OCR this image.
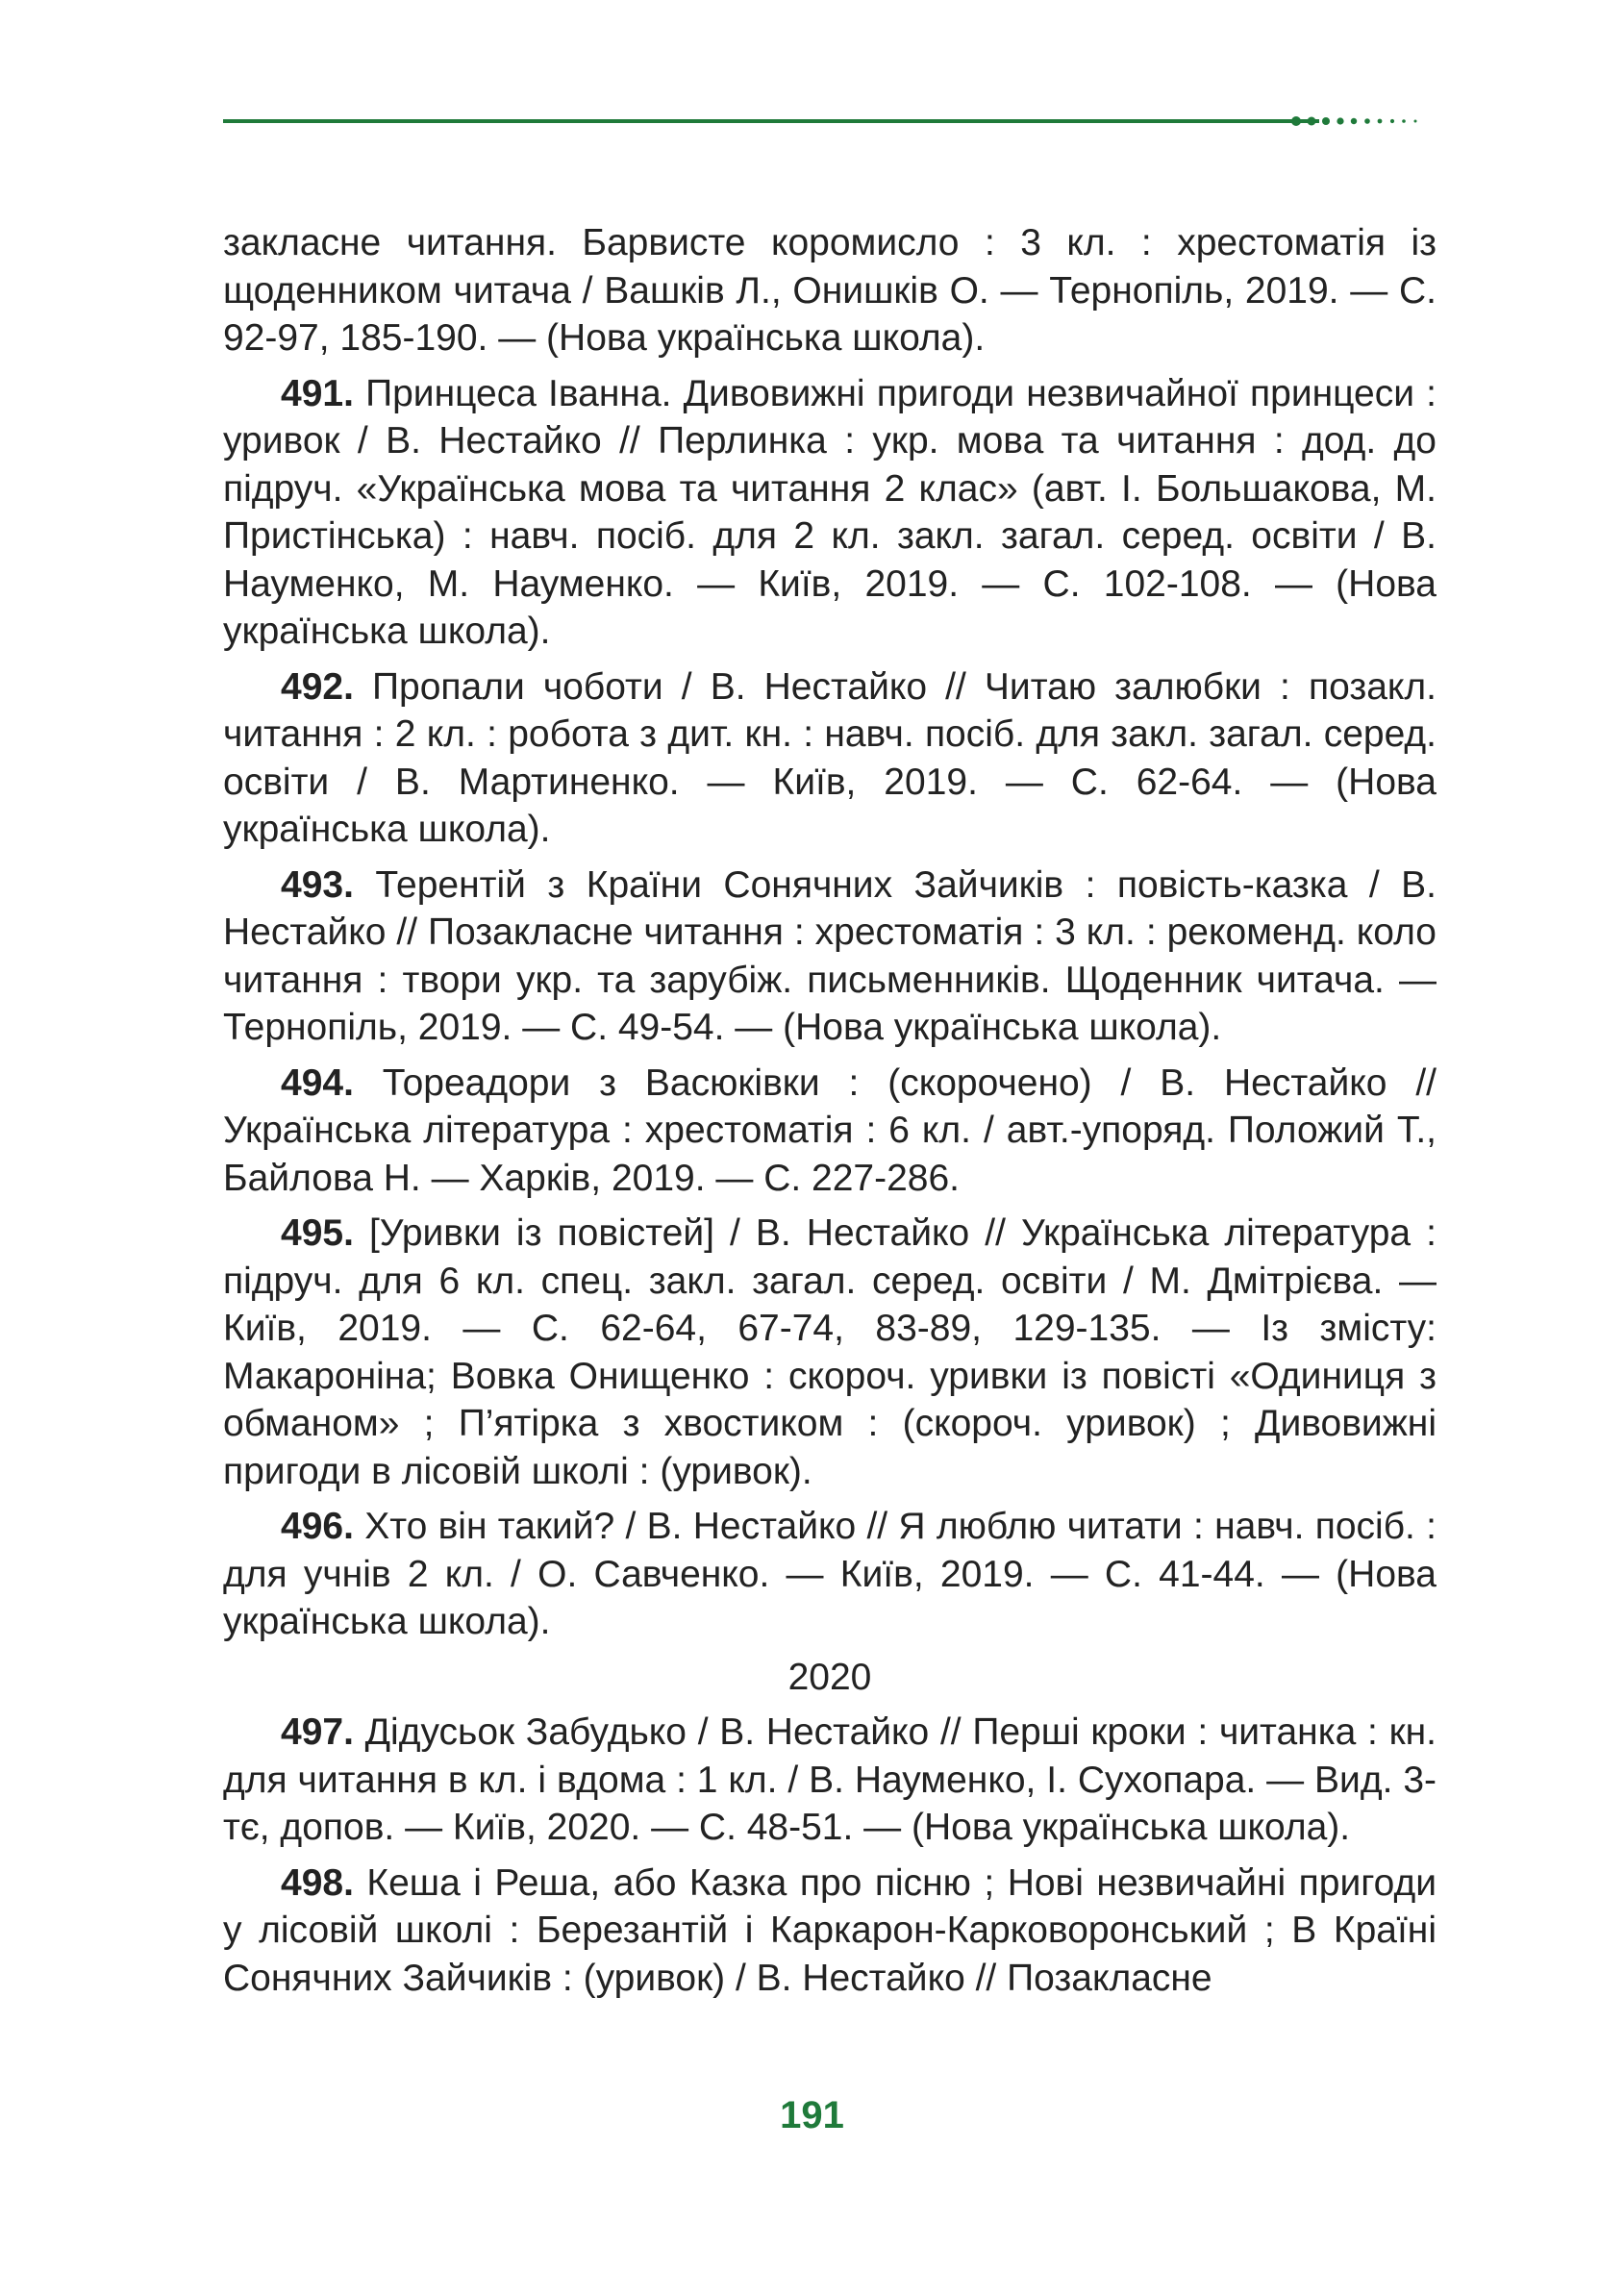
закласне читання. Барвисте коромисло : 3 кл. : хрестоматія із щоденником читача / Вашків Л., Онишків О. — Тернопіль, 2019. — С. 92-97, 185-190. — (Нова українська школа).

491. Принцеса Іванна. Дивовижні пригоди незвичайної принцеси : уривок / В. Нестайко // Перлинка : укр. мова та читання : дод. до підруч. «Українська мова та читання 2 клас» (авт. І. Большакова, М. Пристінська) : навч. посіб. для 2 кл. закл. загал. серед. освіти / В. Науменко, М. Науменко. — Київ, 2019. — С. 102-108. — (Нова українська школа).

492. Пропали чоботи / В. Нестайко // Читаю залюбки : позакл. читання : 2 кл. : робота з дит. кн. : навч. посіб. для закл. загал. серед. освіти / В. Мартиненко. — Київ, 2019. — С. 62-64. — (Нова українська школа).

493. Терентій з Країни Сонячних Зайчиків : повість-казка / В. Нестайко // Позакласне читання : хрестоматія : 3 кл. : рекоменд. коло читання : твори укр. та зарубіж. письменників. Щоденник читача. — Тернопіль, 2019. — С. 49-54. — (Нова українська школа).

494. Тореадори з Васюківки : (скорочено) / В. Нестайко // Українська література : хрестоматія : 6 кл. / авт.-упоряд. Положий Т., Байлова Н. — Харків, 2019. — С. 227-286.

495. [Уривки із повістей] / В. Нестайко // Українська література : підруч. для 6 кл. спец. закл. загал. серед. освіти / М. Дмітрієва. — Київ, 2019. — С. 62-64, 67-74, 83-89, 129-135. — Із змісту: Макароніна; Вовка Онищенко : скороч. уривки із повісті «Одиниця з обманом» ; П’ятірка з хвостиком : (скороч. уривок) ; Дивовижні пригоди в лісовій школі : (уривок).

496. Хто він такий? / В. Нестайко // Я люблю читати : навч. посіб. : для учнів 2 кл. / О. Савченко. — Київ, 2019. — С. 41-44. — (Нова українська школа).

2020

497. Дідусьок Забудько / В. Нестайко // Перші кроки : читанка : кн. для читання в кл. і вдома : 1 кл. / В. Науменко, І. Сухопара. — Вид. 3-тє, допов. — Київ, 2020. — С. 48-51. — (Нова українська школа).

498. Кеша і Реша, або Казка про пісню ; Нові незвичайні пригоди у лісовій школі : Березантій і Каркарон-Карковоронський ; В Країні Сонячних Зайчиків : (уривок) / В. Нестайко // Позакласне

191
